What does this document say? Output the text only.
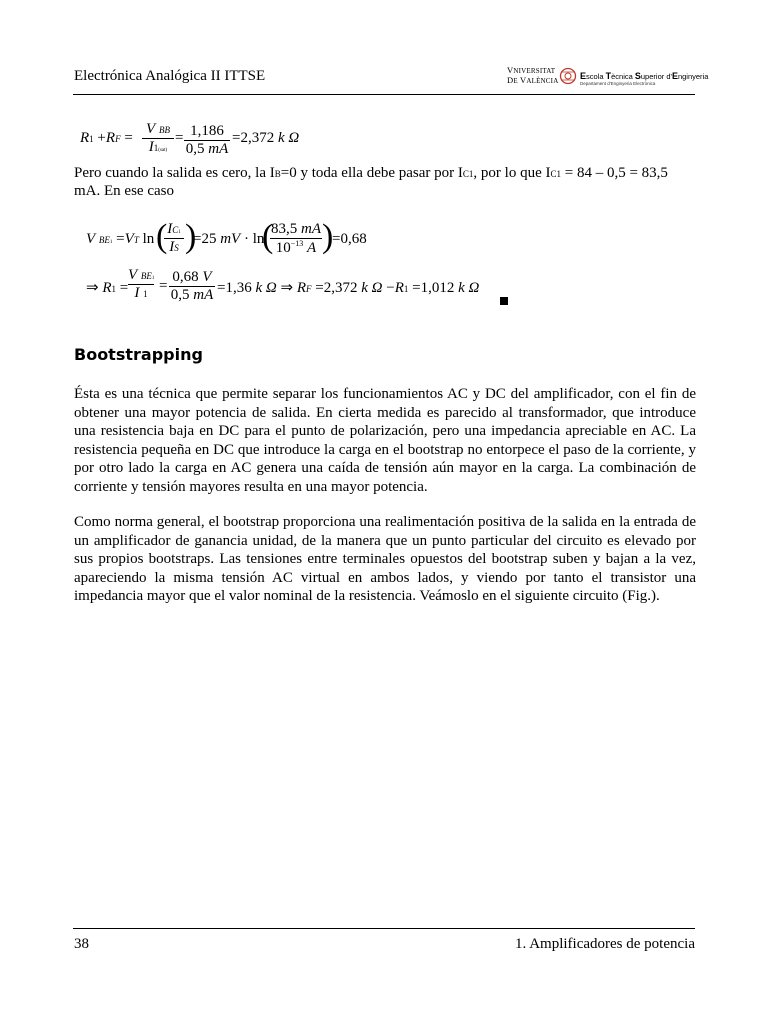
Electrónica Analógica II ITTSE	VNIVERSITAT
DE VALÈNCIA Escola Tècnica Superior d'Enginyeria
Departament d'Enginyeria Electrònica
R1 +RF =
V BB
I1(sat)
= 1,186
0,5 mA
=2,372 k Ω
Pero cuando la salida es cero, la IB=0 y toda ella debe pasar por IC1, por lo que IC1 = 84 – 0,5 = 83,5
mA. En ese caso
V BE1 =VT ln ( IC1
IS )
=25 mV · ln
(
83,5 mA
$10^{-13}$ A )
=0,68
⇒ R1 =
V BE1
I 1 =
0,68 V
0,5 mA =1,36 k Ω ⇒ RF =2,372 k Ω −R1 =1,012 k Ω
Bootstrapping

Ésta es una técnica que permite separar los funcionamientos AC y DC del amplificador, con el fin de obtener una mayor potencia de salida. En cierta medida es parecido al transformador, que introduce una resistencia baja en DC para el punto de polarización, pero una impedancia apreciable en AC. La resistencia pequeña en DC que introduce la carga en el bootstrap no entorpece el paso de la corriente, y por otro lado la carga en AC genera una caída de tensión aún mayor en la carga. La combinación de corriente y tensión mayores resulta en una mayor potencia.

Como norma general, el bootstrap proporciona una realimentación positiva de la salida en la entrada de un amplificador de ganancia unidad, de la manera que un punto particular del circuito es elevado por sus propios bootstraps. Las tensiones entre terminales opuestos del bootstrap suben y bajan a la vez, apareciendo la misma tensión AC virtual en ambos lados, y viendo por tanto el transistor una impedancia mayor que el valor nominal de la resistencia. Veámoslo en el siguiente circuito (Fig.).

38	1. Amplificadores de potencia
